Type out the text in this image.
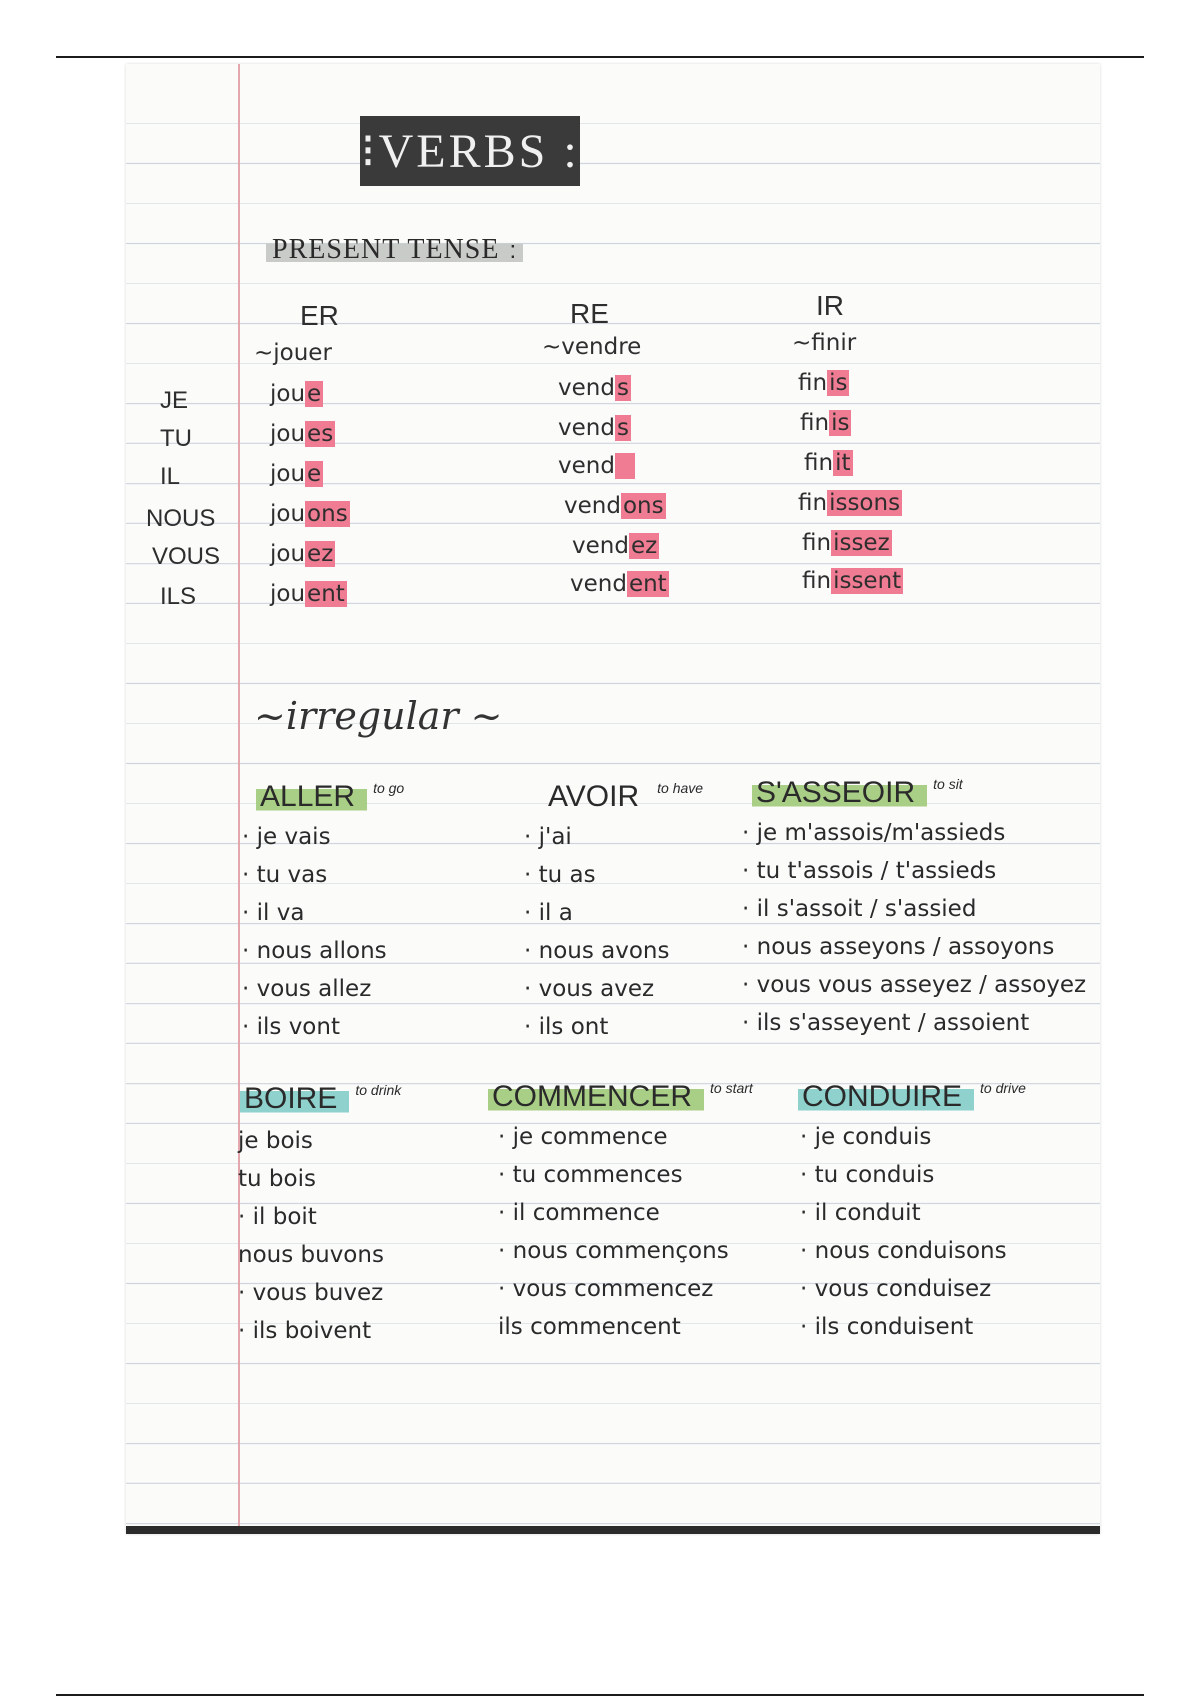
⁝ VERBS :
PRESENT TENSE :
JE
TU
IL
NOUS
VOUS
ILS
ER
~jouer
joue
joues
joue
jouons
jouez
jouent
RE
~vendre
vends
vends
vend
vendons
vendez
vendent
IR
~finir
finis
finis
finit
finissons
finissez
finissent
~irregular ~
ALLER to go
· je vais
· tu vas
· il va
· nous allons
· vous allez
· ils vont
AVOIR to have
· j'ai
· tu as
· il a
· nous avons
· vous avez
· ils ont
S'ASSEOIR to sit
· je m'assois/m'assieds
· tu t'assois / t'assieds
· il s'assoit / s'assied
· nous asseyons / assoyons
· vous vous asseyez / assoyez
· ils s'asseyent / assoient
BOIRE to drink
je bois
tu bois
· il boit
nous buvons
· vous buvez
· ils boivent
COMMENCER to start
· je commence
· tu commences
· il commence
· nous commençons
· vous commencez
ils commencent
CONDUIRE to drive
· je conduis
· tu conduis
· il conduit
· nous conduisons
· vous conduisez
· ils conduisent
